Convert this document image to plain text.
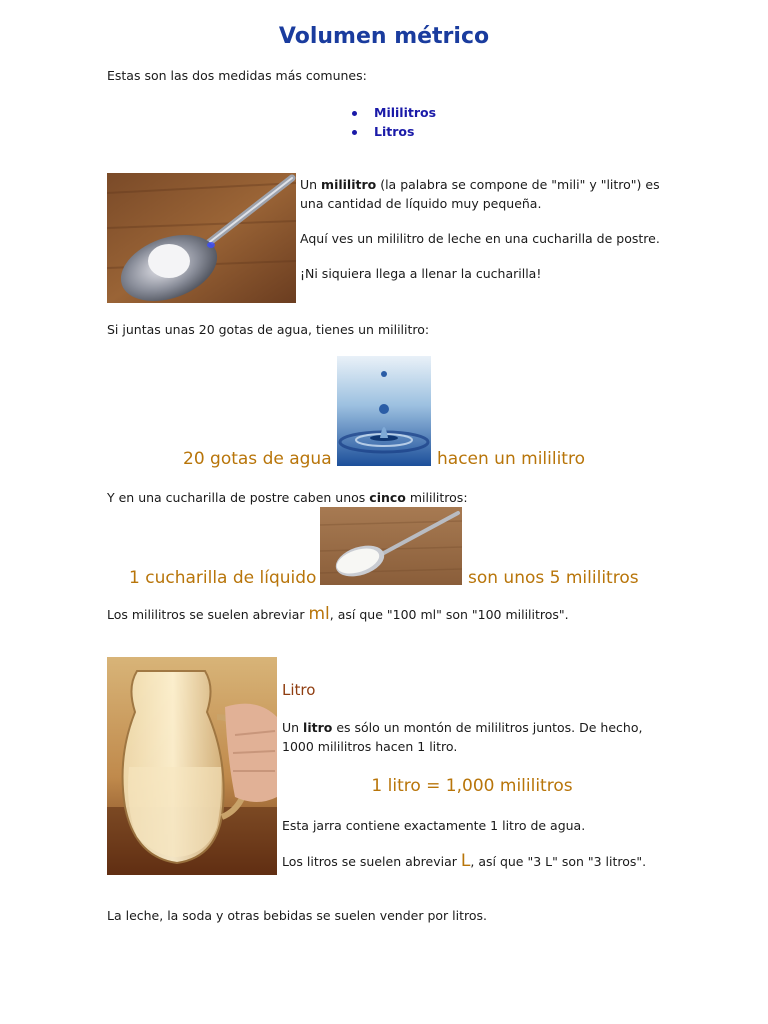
Volumen métrico

Estas son las dos medidas más comunes:

Mililitros
Litros

Un mililitro (la palabra se compone de "mili" y "litro") es una cantidad de líquido muy pequeña.

Aquí ves un mililitro de leche en una cucharilla de postre.

¡Ni siquiera llega a llenar la cucharilla!

Si juntas unas 20 gotas de agua, tienes un mililitro:

20 gotas de agua	hacen un mililitro

Y en una cucharilla de postre caben unos cinco mililitros:

1 cucharilla de líquido	son unos 5 mililitros

Los mililitros se suelen abreviar ml, así que "100 ml" son "100 mililitros".

Litro

Un litro es sólo un montón de mililitros juntos. De hecho, 1000 mililitros hacen 1 litro.

1 litro = 1,000 mililitros

Esta jarra contiene exactamente 1 litro de agua.

Los litros se suelen abreviar L, así que "3 L" son "3 litros".

La leche, la soda y otras bebidas se suelen vender por litros.
